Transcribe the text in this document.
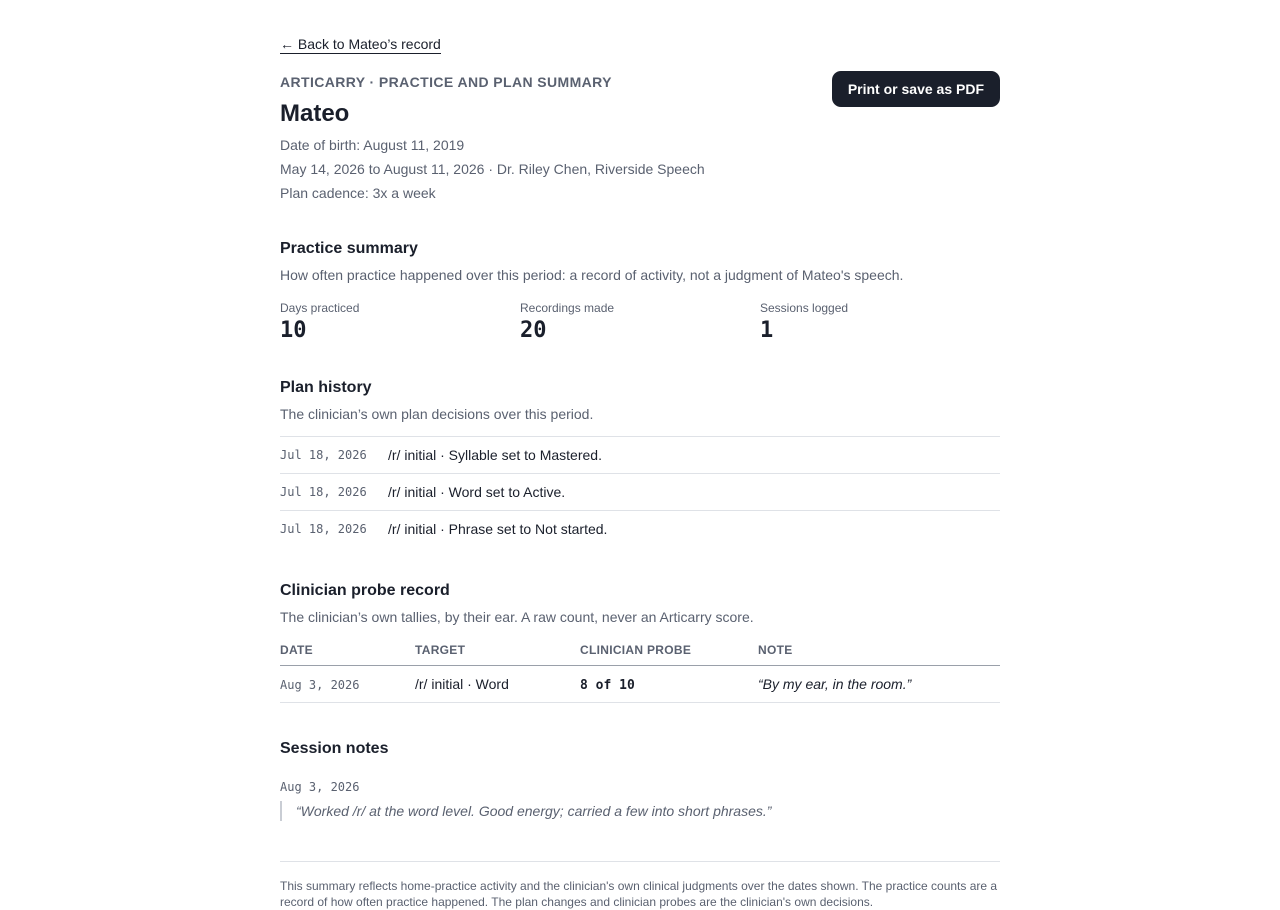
← Back to Mateo’s record
ARTICARRY · PRACTICE AND PLAN SUMMARY	Print or save as PDF
Mateo
Date of birth: August 11, 2019
May 14, 2026 to August 11, 2026 · Dr. Riley Chen, Riverside Speech
Plan cadence: 3x a week
Practice summary
How often practice happened over this period: a record of activity, not a judgment of Mateo's speech.
Days practiced
10
Recordings made
20
Sessions logged
1
Plan history
The clinician’s own plan decisions over this period.
Jul 18, 2026	/r/ initial · Syllable set to Mastered.
Jul 18, 2026	/r/ initial · Word set to Active.
Jul 18, 2026	/r/ initial · Phrase set to Not started.
Clinician probe record
The clinician’s own tallies, by their ear. A raw count, never an Articarry score.
DATE	TARGET	CLINICIAN PROBE	NOTE
Aug 3, 2026	/r/ initial · Word	8 of 10	“By my ear, in the room.”
Session notes
Aug 3, 2026
“Worked /r/ at the word level. Good energy; carried a few into short phrases.”
This summary reflects home-practice activity and the clinician's own clinical judgments over the dates shown. The practice counts are a record of how often practice happened. The plan changes and clinician probes are the clinician's own decisions.
